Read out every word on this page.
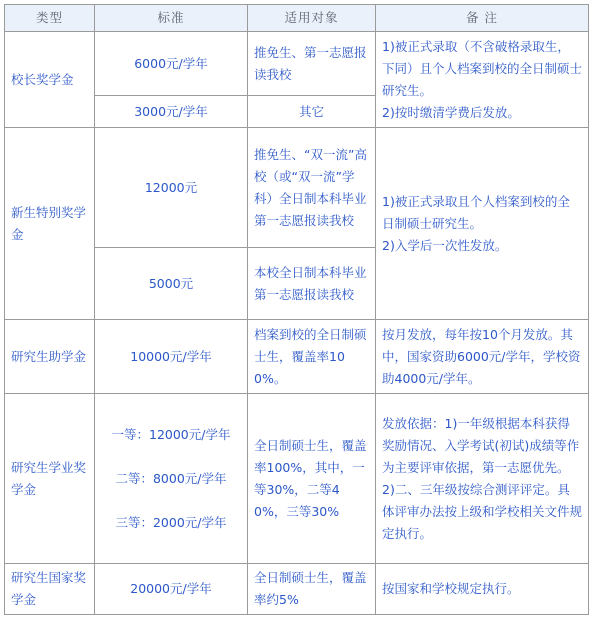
类型	标准	适用对象	备 注
校长奖学金	6000元/学年	推免生、第一志愿报读我校	1)被正式录取（不含破格录取生，下同）且个人档案到校的全日制硕士研究生。
2)按时缴清学费后发放。

	3000元/学年	其它	
新生特别奖学金	12000元	推免生、“双一流”高校（或“双一流”学科）全日制本科毕业第一志愿报读我校	1)被正式录取且个人档案到校的全日制硕士研究生。
2)入学后一次性发放。

	5000元	本校全日制本科毕业第一志愿报读我校	
研究生助学金	10000元/学年	档案到校的全日制硕士生，覆盖率100%。	按月发放，每年按10个月发放。其中，国家资助6000元/学年，学校资助4000元/学年。
研究生学业奖学金	一等：12000元/学年
二等：8000元/学年
三等：2000元/学年	全日制硕士生，覆盖率100%，其中，一等30%，二等40%，三等30%	发放依据：1)一年级根据本科获得奖励情况、入学考试(初试)成绩等作为主要评审依据，第一志愿优先。
2)二、三年级按综合测评评定。具体评审办法按上级和学校相关文件规定执行。

研究生国家奖学金	20000元/学年	全日制硕士生，覆盖率约5%	按国家和学校规定执行。
